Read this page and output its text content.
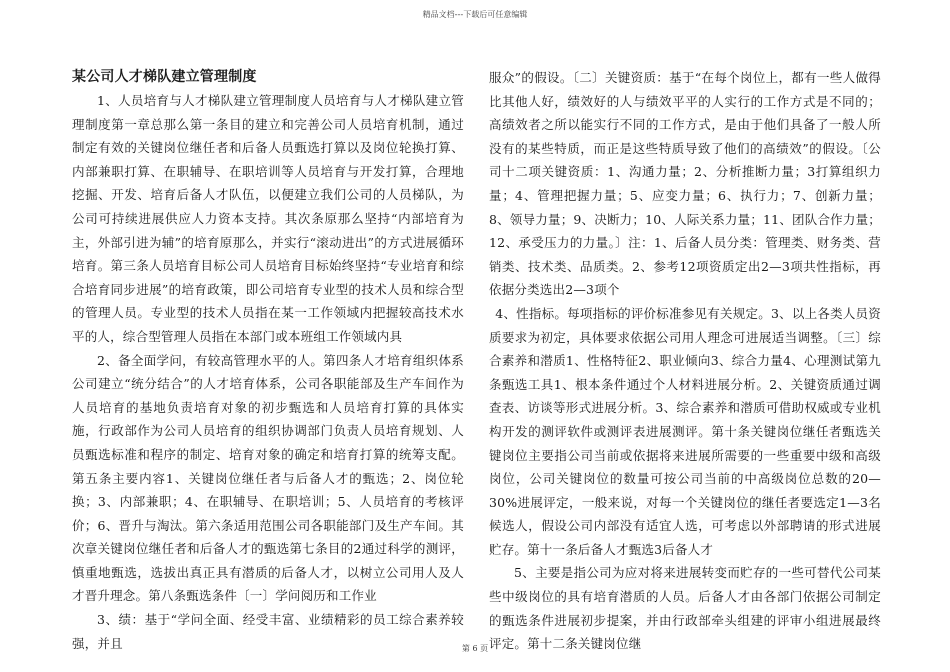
精品文档---下载后可任意编辑
某公司人才梯队建立管理制度

1、人员培育与人才梯队建立管理制度人员培育与人才梯队建立管理制度第一章总那么第一条目的建立和完善公司人员培育机制，通过制定有效的关键岗位继任者和后备人员甄选打算以及岗位轮换打算、内部兼职打算、在职辅导、在职培训等人员培育与开发打算，合理地挖掘、开发、培育后备人才队伍，以便建立我们公司的人员梯队，为公司可持续进展供应人力资本支持。其次条原那么坚持“内部培育为主，外部引进为辅”的培育原那么，并实行“滚动进出”的方式进展循环培育。第三条人员培育目标公司人员培育目标始终坚持“专业培育和综合培育同步进展”的培育政策，即公司培育专业型的技术人员和综合型的管理人员。专业型的技术人员指在某一工作领域内把握较高技术水平的人，综合型管理人员指在本部门或本班组工作领域内具

2、备全面学问，有较高管理水平的人。第四条人才培育组织体系公司建立“统分结合”的人才培育体系，公司各职能部及生产车间作为人员培育的基地负责培育对象的初步甄选和人员培育打算的具体实施，行政部作为公司人员培育的组织协调部门负责人员培育规划、人员甄选标准和程序的制定、培育对象的确定和培育打算的统筹支配。第五条主要内容1、关键岗位继任者与后备人才的甄选；2、岗位轮换；3、内部兼职；4、在职辅导、在职培训；5、人员培育的考核评价；6、晋升与淘汰。第六条适用范围公司各职能部门及生产车间。其次章关键岗位继任者和后备人才的甄选第七条目的2通过科学的测评，慎重地甄选，选拔出真正具有潜质的后备人才，以树立公司用人及人才晋升理念。第八条甄选条件〔一〕学问阅历和工作业

3、绩：基于“学问全面、经受丰富、业绩精彩的员工综合素养较强，并且

服众”的假设。〔二〕关键资质：基于“在每个岗位上，都有一些人做得比其他人好，绩效好的人与绩效平平的人实行的工作方式是不同的；高绩效者之所以能实行不同的工作方式，是由于他们具备了一般人所没有的某些特质，而正是这些特质导致了他们的高绩效”的假设。〔公司十二项关键资质：1、沟通力量；2、分析推断力量；3打算组织力量；4、管理把握力量；5、应变力量；6、执行力；7、创新力量；8、领导力量；9、决断力；10、人际关系力量；11、团队合作力量；12、承受压力的力量。〕注：1、后备人员分类：管理类、财务类、营销类、技术类、品质类。2、参考12项资质定出2—3项共性指标，再依据分类选出2—3项个

4、性指标。每项指标的评价标准参见有关规定。3、以上各类人员资质要求为初定，具体要求依据公司用人理念可进展适当调整。〔三〕综合素养和潜质1、性格特征2、职业倾向3、综合力量4、心理测试第九条甄选工具1、根本条件通过个人材料进展分析。2、关键资质通过调查表、访谈等形式进展分析。3、综合素养和潜质可借助权威或专业机构开发的测评软件或测评表进展测评。第十条关键岗位继任者甄选关键岗位主要指公司当前或依据将来进展所需要的一些重要中级和高级岗位，公司关键岗位的数量可按公司当前的中高级岗位总数的20—30%进展评定，一般来说，对每一个关键岗位的继任者要选定1—3名候选人，假设公司内部没有适宜人选，可考虑以外部聘请的形式进展贮存。第十一条后备人才甄选3后备人才

5、主要是指公司为应对将来进展转变而贮存的一些可替代公司某些中级岗位的具有培育潜质的人员。后备人才由各部门依据公司制定的甄选条件进展初步提案，并由行政部牵头组建的评审小组进展最终评定。第十二条关键岗位继

第 6 页
